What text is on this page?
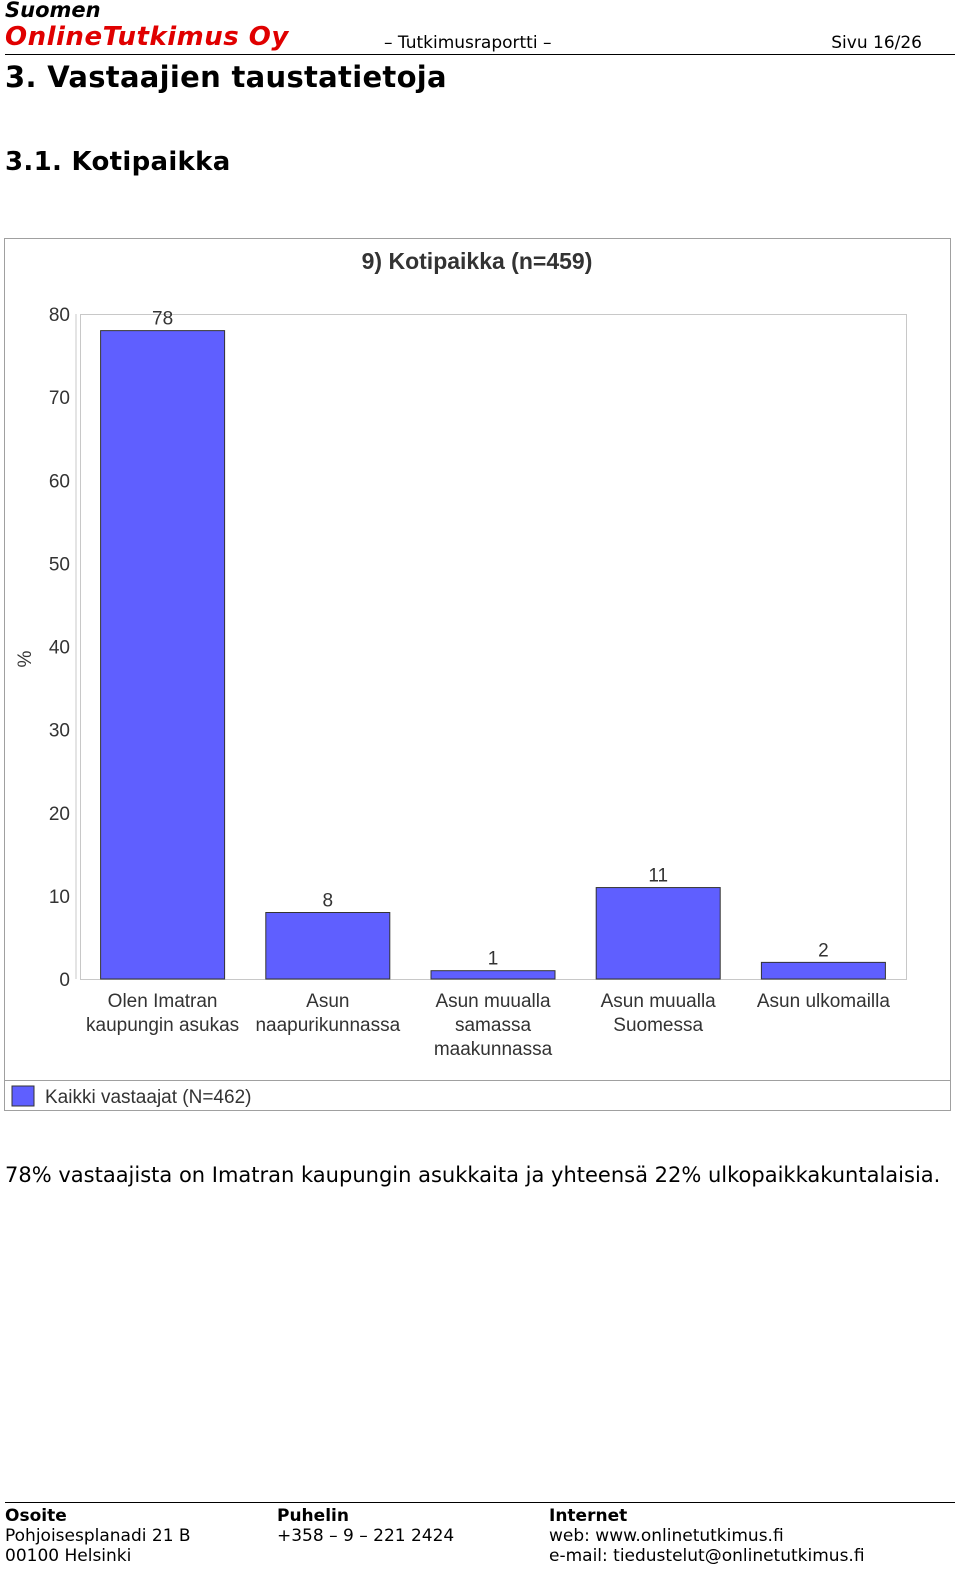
Suomen
OnlineTutkimus Oy	– Tutkimusraportti –	Sivu 16/26
3. Vastaajien taustatietoja
3.1. Kotipaikka
9) Kotipaikka (n=459)
0
10
20
30
40
50
60
70
80
%
78
Olen Imatran
kaupungin asukas
8
Asun
naapurikunnassa
1
Asun muualla
samassa
maakunnassa
11
Asun muualla
Suomessa
2
Asun ulkomailla
Kaikki vastaajat (N=462)
78% vastaajista on Imatran kaupungin asukkaita ja yhteensä 22% ulkopaikkakuntalaisia.
Osoite
Pohjoisesplanadi 21 B
00100 Helsinki
Puhelin
+358 – 9 – 221 2424
Internet
web: www.onlinetutkimus.fi
e-mail: tiedustelut@onlinetutkimus.fi
